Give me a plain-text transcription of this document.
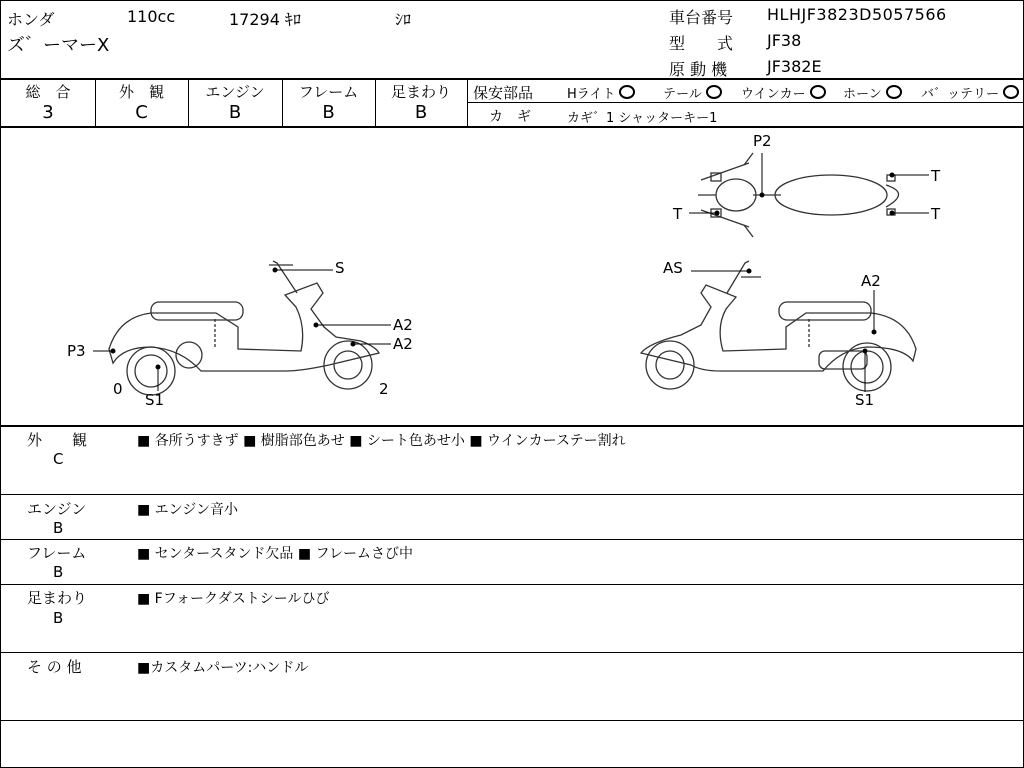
ホンダ	110cc	17294 ｷﾛ	ｼﾛ
ズ゛ーマーX
車台番号 HLHJF3823D5057566
型　　式 JF38
原 動 機 JF382E
総　合
3
外　観
C
エンジン
B
フレーム
B
足まわり
B
保安部品	Hライト	テール	ウインカー	ホーン	バ゛ッテリー
カ　ギ	カギ゛1 シャッターキー1
S
A2
A2
P3
0
S1
2
P2
T
T	T
AS
A2
S1
外　　観
C
■ 各所うすきず ■ 樹脂部色あせ ■ シート色あせ小 ■ ウインカーステー割れ
エンジン
B
■ エンジン音小
フレーム
B
■ センタースタンド欠品 ■ フレームさび中
足まわり
B
■ Fフォークダストシールひび
そ の 他	■カスタムパーツ:ハンドル
